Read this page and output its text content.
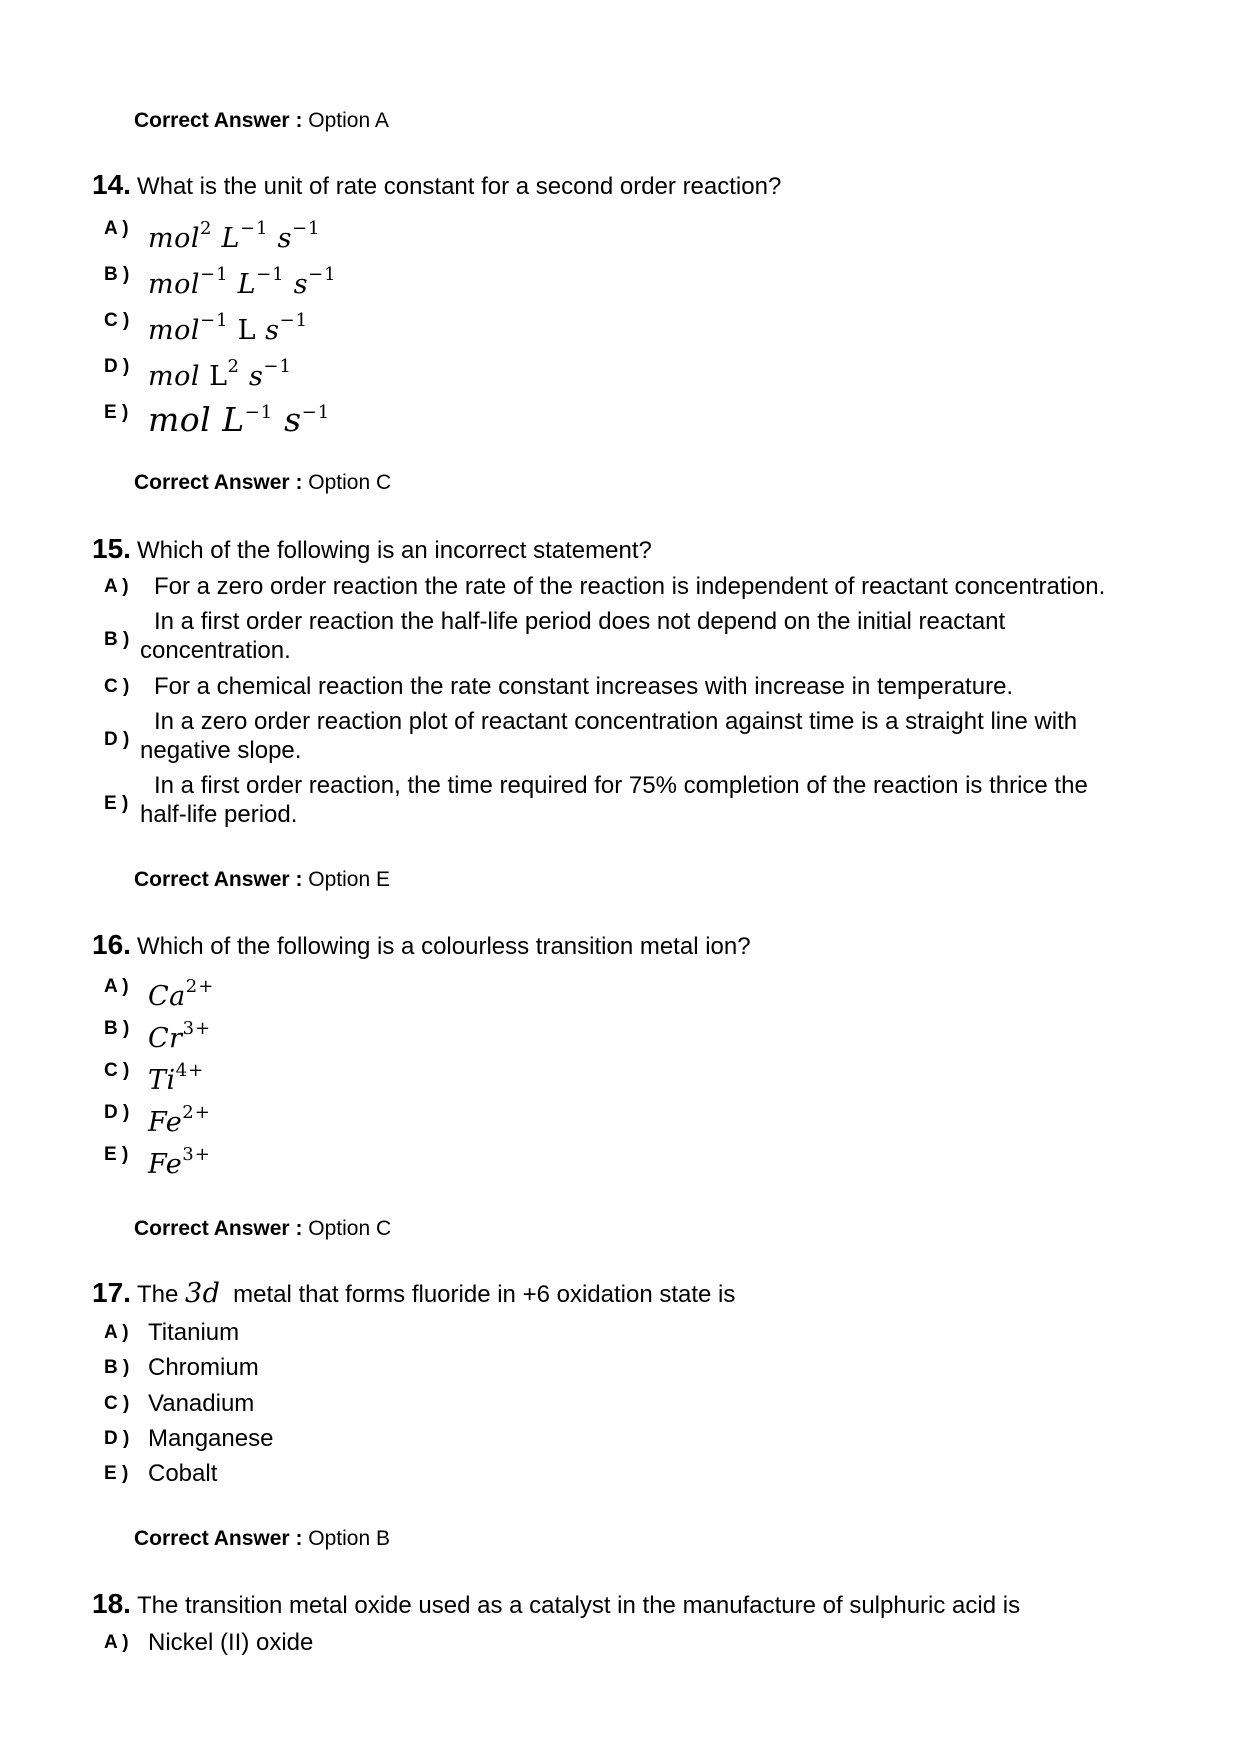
Correct Answer : Option A
14. What is the unit of rate constant for a second order reaction?
A ) mol$^2$ $L^{-1}$ $s^{-1}$
B ) mol$^{-1}$ $L^{-1}$ $s^{-1}$
C ) mol$^{-1}$ L $s^{-1}$
D ) mol $L^2$ $s^{-1}$
E ) mol $L^{-1}$ $s^{-1}$
Correct Answer : Option C
15. Which of the following is an incorrect statement?
A )	For a zero order reaction the rate of the reaction is independent of reactant concentration.
B )
In a first order reaction the half-life period does not depend on the initial reactant concentration.
C )	For a chemical reaction the rate constant increases with increase in temperature.
D )
In a zero order reaction plot of reactant concentration against time is a straight line with negative slope.
E )
In a first order reaction, the time required for 75% completion of the reaction is thrice the half-life period.
Correct Answer : Option E
16. Which of the following is a colourless transition metal ion?
A ) $Ca^{2+}$
B ) $Cr^{3+}$
C ) $Ti^{4+}$
D ) $Fe^{2+}$
E ) $Fe^{3+}$
Correct Answer : Option C
17. The 3d metal that forms fluoride in +6 oxidation state is
A ) Titanium
B ) Chromium
C ) Vanadium
D ) Manganese
E ) Cobalt
Correct Answer : Option B
18. The transition metal oxide used as a catalyst in the manufacture of sulphuric acid is
A ) Nickel (II) oxide
